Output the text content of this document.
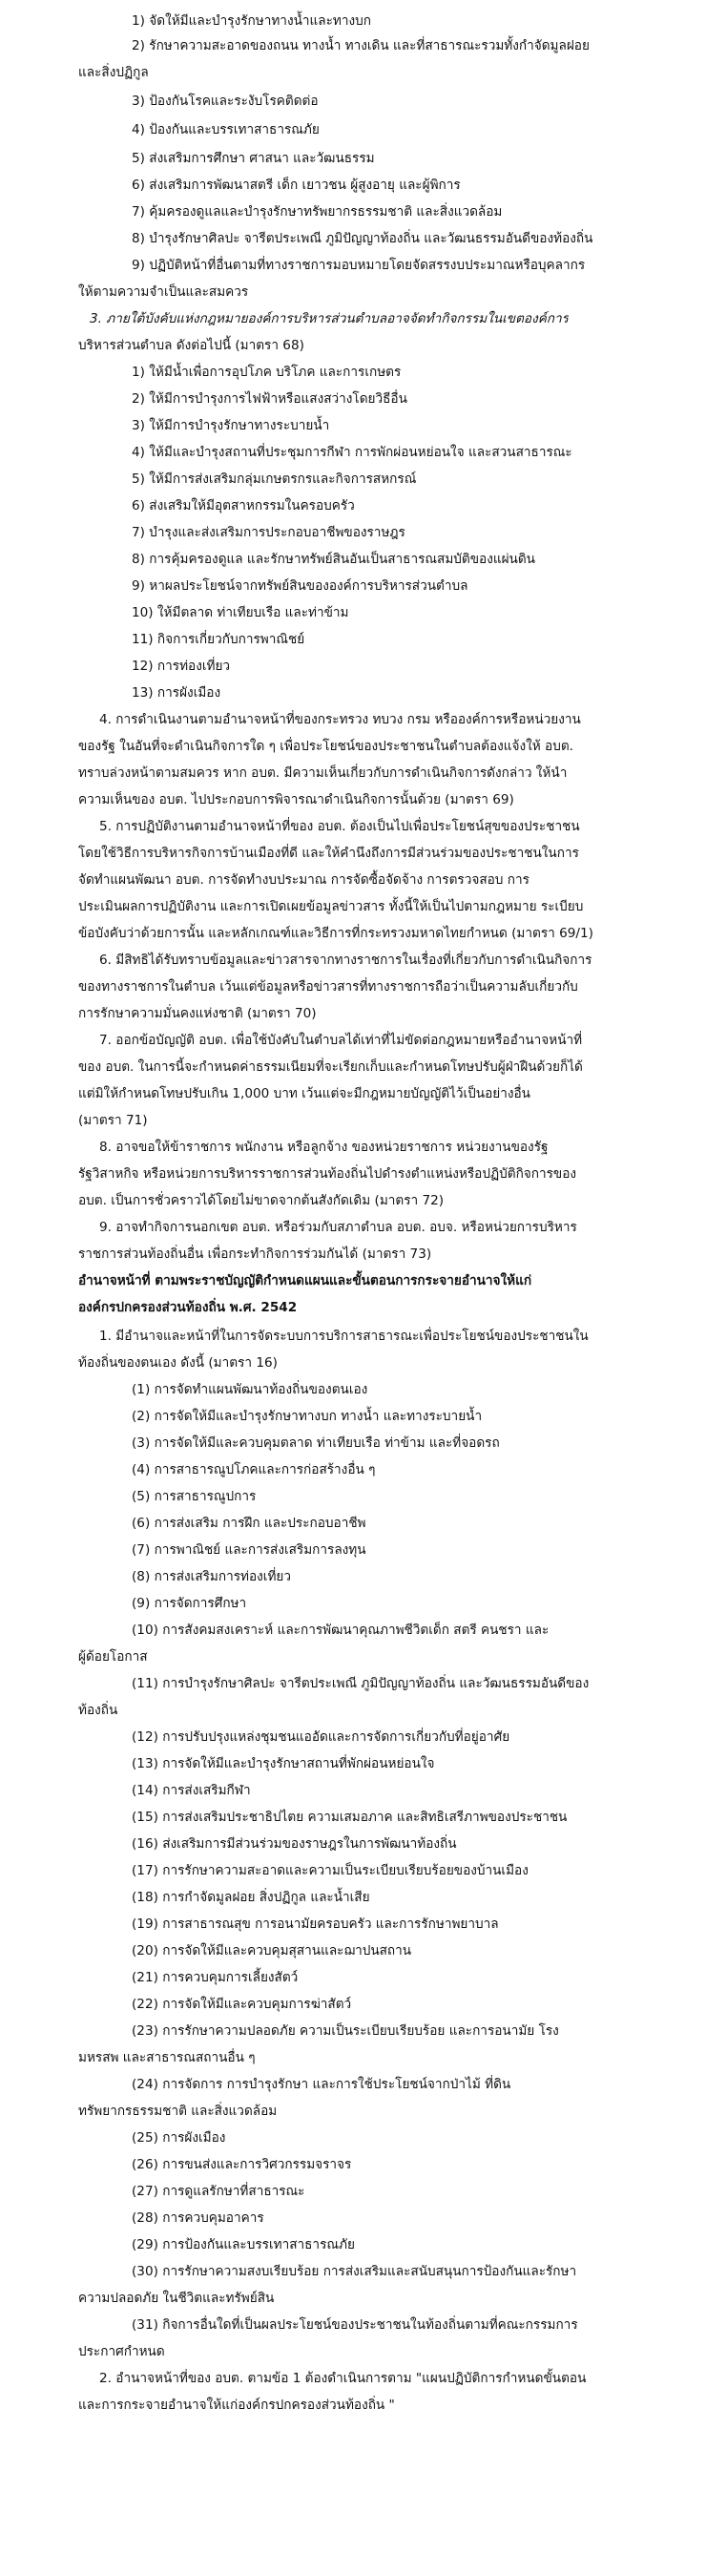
1) จัดให้มีและบำรุงรักษาทางน้ำและทางบก
2) รักษาความสะอาดของถนน ทางน้ำ ทางเดิน และที่สาธารณะรวมทั้งกำจัดมูลฝอย
และสิ่งปฏิกูล
3) ป้องกันโรคและระงับโรคติดต่อ
4) ป้องกันและบรรเทาสาธารณภัย
5) ส่งเสริมการศึกษา ศาสนา และวัฒนธรรม
6) ส่งเสริมการพัฒนาสตรี เด็ก เยาวชน ผู้สูงอายุ และผู้พิการ
7) คุ้มครองดูแลและบำรุงรักษาทรัพยากรธรรมชาติ และสิ่งแวดล้อม
8) บำรุงรักษาศิลปะ จารีตประเพณี ภูมิปัญญาท้องถิ่น และวัฒนธรรมอันดีของท้องถิ่น
9) ปฏิบัติหน้าที่อื่นตามที่ทางราชการมอบหมายโดยจัดสรรงบประมาณหรือบุคลากร
ให้ตามความจำเป็นและสมควร
3. ภายใต้บังคับแห่งกฎหมายองค์การบริหารส่วนตำบลอาจจัดทำกิจกรรมในเขตองค์การ
บริหารส่วนตำบล ดังต่อไปนี้ (มาตรา 68)
1) ให้มีน้ำเพื่อการอุปโภค บริโภค และการเกษตร
2) ให้มีการบำรุงการไฟฟ้าหรือแสงสว่างโดยวิธีอื่น
3) ให้มีการบำรุงรักษาทางระบายน้ำ
4) ให้มีและบำรุงสถานที่ประชุมการกีฬา การพักผ่อนหย่อนใจ และสวนสาธารณะ
5) ให้มีการส่งเสริมกลุ่มเกษตรกรและกิจการสหกรณ์
6) ส่งเสริมให้มีอุตสาหกรรมในครอบครัว
7) บำรุงและส่งเสริมการประกอบอาชีพของราษฎร
8) การคุ้มครองดูแล และรักษาทรัพย์สินอันเป็นสาธารณสมบัติของแผ่นดิน
9) หาผลประโยชน์จากทรัพย์สินขององค์การบริหารส่วนตำบล
10) ให้มีตลาด ท่าเทียบเรือ และท่าข้าม
11) กิจการเกี่ยวกับการพาณิชย์
12) การท่องเที่ยว
13) การผังเมือง
4. การดำเนินงานตามอำนาจหน้าที่ของกระทรวง ทบวง กรม หรือองค์การหรือหน่วยงาน
ของรัฐ ในอันที่จะดำเนินกิจการใด ๆ เพื่อประโยชน์ของประชาชนในตำบลต้องแจ้งให้ อบต.
ทราบล่วงหน้าตามสมควร หาก อบต. มีความเห็นเกี่ยวกับการดำเนินกิจการดังกล่าว ให้นำ
ความเห็นของ อบต. ไปประกอบการพิจารณาดำเนินกิจการนั้นด้วย (มาตรา 69)
5. การปฏิบัติงานตามอำนาจหน้าที่ของ อบต. ต้องเป็นไปเพื่อประโยชน์สุขของประชาชน
โดยใช้วิธีการบริหารกิจการบ้านเมืองที่ดี และให้คำนึงถึงการมีส่วนร่วมของประชาชนในการ
จัดทำแผนพัฒนา อบต. การจัดทำงบประมาณ การจัดซื้อจัดจ้าง การตรวจสอบ การ
ประเมินผลการปฏิบัติงาน และการเปิดเผยข้อมูลข่าวสาร ทั้งนี้ให้เป็นไปตามกฎหมาย ระเบียบ
ข้อบังคับว่าด้วยการนั้น และหลักเกณฑ์และวิธีการที่กระทรวงมหาดไทยกำหนด (มาตรา 69/1)
6. มีสิทธิได้รับทราบข้อมูลและข่าวสารจากทางราชการในเรื่องที่เกี่ยวกับการดำเนินกิจการ
ของทางราชการในตำบล เว้นแต่ข้อมูลหรือข่าวสารที่ทางราชการถือว่าเป็นความลับเกี่ยวกับ
การรักษาความมั่นคงแห่งชาติ (มาตรา 70)
7. ออกข้อบัญญัติ อบต. เพื่อใช้บังคับในตำบลได้เท่าที่ไม่ขัดต่อกฎหมายหรืออำนาจหน้าที่
ของ อบต. ในการนี้จะกำหนดค่าธรรมเนียมที่จะเรียกเก็บและกำหนดโทษปรับผู้ฝ่าฝืนด้วยก็ได้
แต่มิให้กำหนดโทษปรับเกิน 1,000 บาท เว้นแต่จะมีกฎหมายบัญญัติไว้เป็นอย่างอื่น
(มาตรา 71)
8. อาจขอให้ข้าราชการ พนักงาน หรือลูกจ้าง ของหน่วยราชการ หน่วยงานของรัฐ
รัฐวิสาหกิจ หรือหน่วยการบริหารราชการส่วนท้องถิ่นไปดำรงตำแหน่งหรือปฏิบัติกิจการของ
อบต. เป็นการชั่วคราวได้โดยไม่ขาดจากต้นสังกัดเดิม (มาตรา 72)
9. อาจทำกิจการนอกเขต อบต. หรือร่วมกับสภาตำบล อบต. อบจ. หรือหน่วยการบริหาร
ราชการส่วนท้องถิ่นอื่น เพื่อกระทำกิจการร่วมกันได้ (มาตรา 73)
อำนาจหน้าที่ ตามพระราชบัญญัติกำหนดแผนและขั้นตอนการกระจายอำนาจให้แก่
องค์กรปกครองส่วนท้องถิ่น พ.ศ. 2542
1. มีอำนาจและหน้าที่ในการจัดระบบการบริการสาธารณะเพื่อประโยชน์ของประชาชนใน
ท้องถิ่นของตนเอง ดังนี้ (มาตรา 16)
(1) การจัดทำแผนพัฒนาท้องถิ่นของตนเอง
(2) การจัดให้มีและบำรุงรักษาทางบก ทางน้ำ และทางระบายน้ำ
(3) การจัดให้มีและควบคุมตลาด ท่าเทียบเรือ ท่าข้าม และที่จอดรถ
(4) การสาธารณูปโภคและการก่อสร้างอื่น ๆ
(5) การสาธารณูปการ
(6) การส่งเสริม การฝึก และประกอบอาชีพ
(7) การพาณิชย์ และการส่งเสริมการลงทุน
(8) การส่งเสริมการท่องเที่ยว
(9) การจัดการศึกษา
(10) การสังคมสงเคราะห์ และการพัฒนาคุณภาพชีวิตเด็ก สตรี คนชรา และ
ผู้ด้อยโอกาส
(11) การบำรุงรักษาศิลปะ จารีตประเพณี ภูมิปัญญาท้องถิ่น และวัฒนธรรมอันดีของ
ท้องถิ่น
(12) การปรับปรุงแหล่งชุมชนแออัดและการจัดการเกี่ยวกับที่อยู่อาศัย
(13) การจัดให้มีและบำรุงรักษาสถานที่พักผ่อนหย่อนใจ
(14) การส่งเสริมกีฬา
(15) การส่งเสริมประชาธิปไตย ความเสมอภาค และสิทธิเสรีภาพของประชาชน
(16) ส่งเสริมการมีส่วนร่วมของราษฎรในการพัฒนาท้องถิ่น
(17) การรักษาความสะอาดและความเป็นระเบียบเรียบร้อยของบ้านเมือง
(18) การกำจัดมูลฝอย สิ่งปฏิกูล และน้ำเสีย
(19) การสาธารณสุข การอนามัยครอบครัว และการรักษาพยาบาล
(20) การจัดให้มีและควบคุมสุสานและฌาปนสถาน
(21) การควบคุมการเลี้ยงสัตว์
(22) การจัดให้มีและควบคุมการฆ่าสัตว์
(23) การรักษาความปลอดภัย ความเป็นระเบียบเรียบร้อย และการอนามัย โรง
มหรสพ และสาธารณสถานอื่น ๆ
(24) การจัดการ การบำรุงรักษา และการใช้ประโยชน์จากป่าไม้ ที่ดิน
ทรัพยากรธรรมชาติ และสิ่งแวดล้อม
(25) การผังเมือง
(26) การขนส่งและการวิศวกรรมจราจร
(27) การดูแลรักษาที่สาธารณะ
(28) การควบคุมอาคาร
(29) การป้องกันและบรรเทาสาธารณภัย
(30) การรักษาความสงบเรียบร้อย การส่งเสริมและสนับสนุนการป้องกันและรักษา
ความปลอดภัย ในชีวิตและทรัพย์สิน
(31) กิจการอื่นใดที่เป็นผลประโยชน์ของประชาชนในท้องถิ่นตามที่คณะกรรมการ
ประกาศกำหนด
2. อำนาจหน้าที่ของ อบต. ตามข้อ 1 ต้องดำเนินการตาม "แผนปฏิบัติการกำหนดขั้นตอน
และการกระจายอำนาจให้แก่องค์กรปกครองส่วนท้องถิ่น "
